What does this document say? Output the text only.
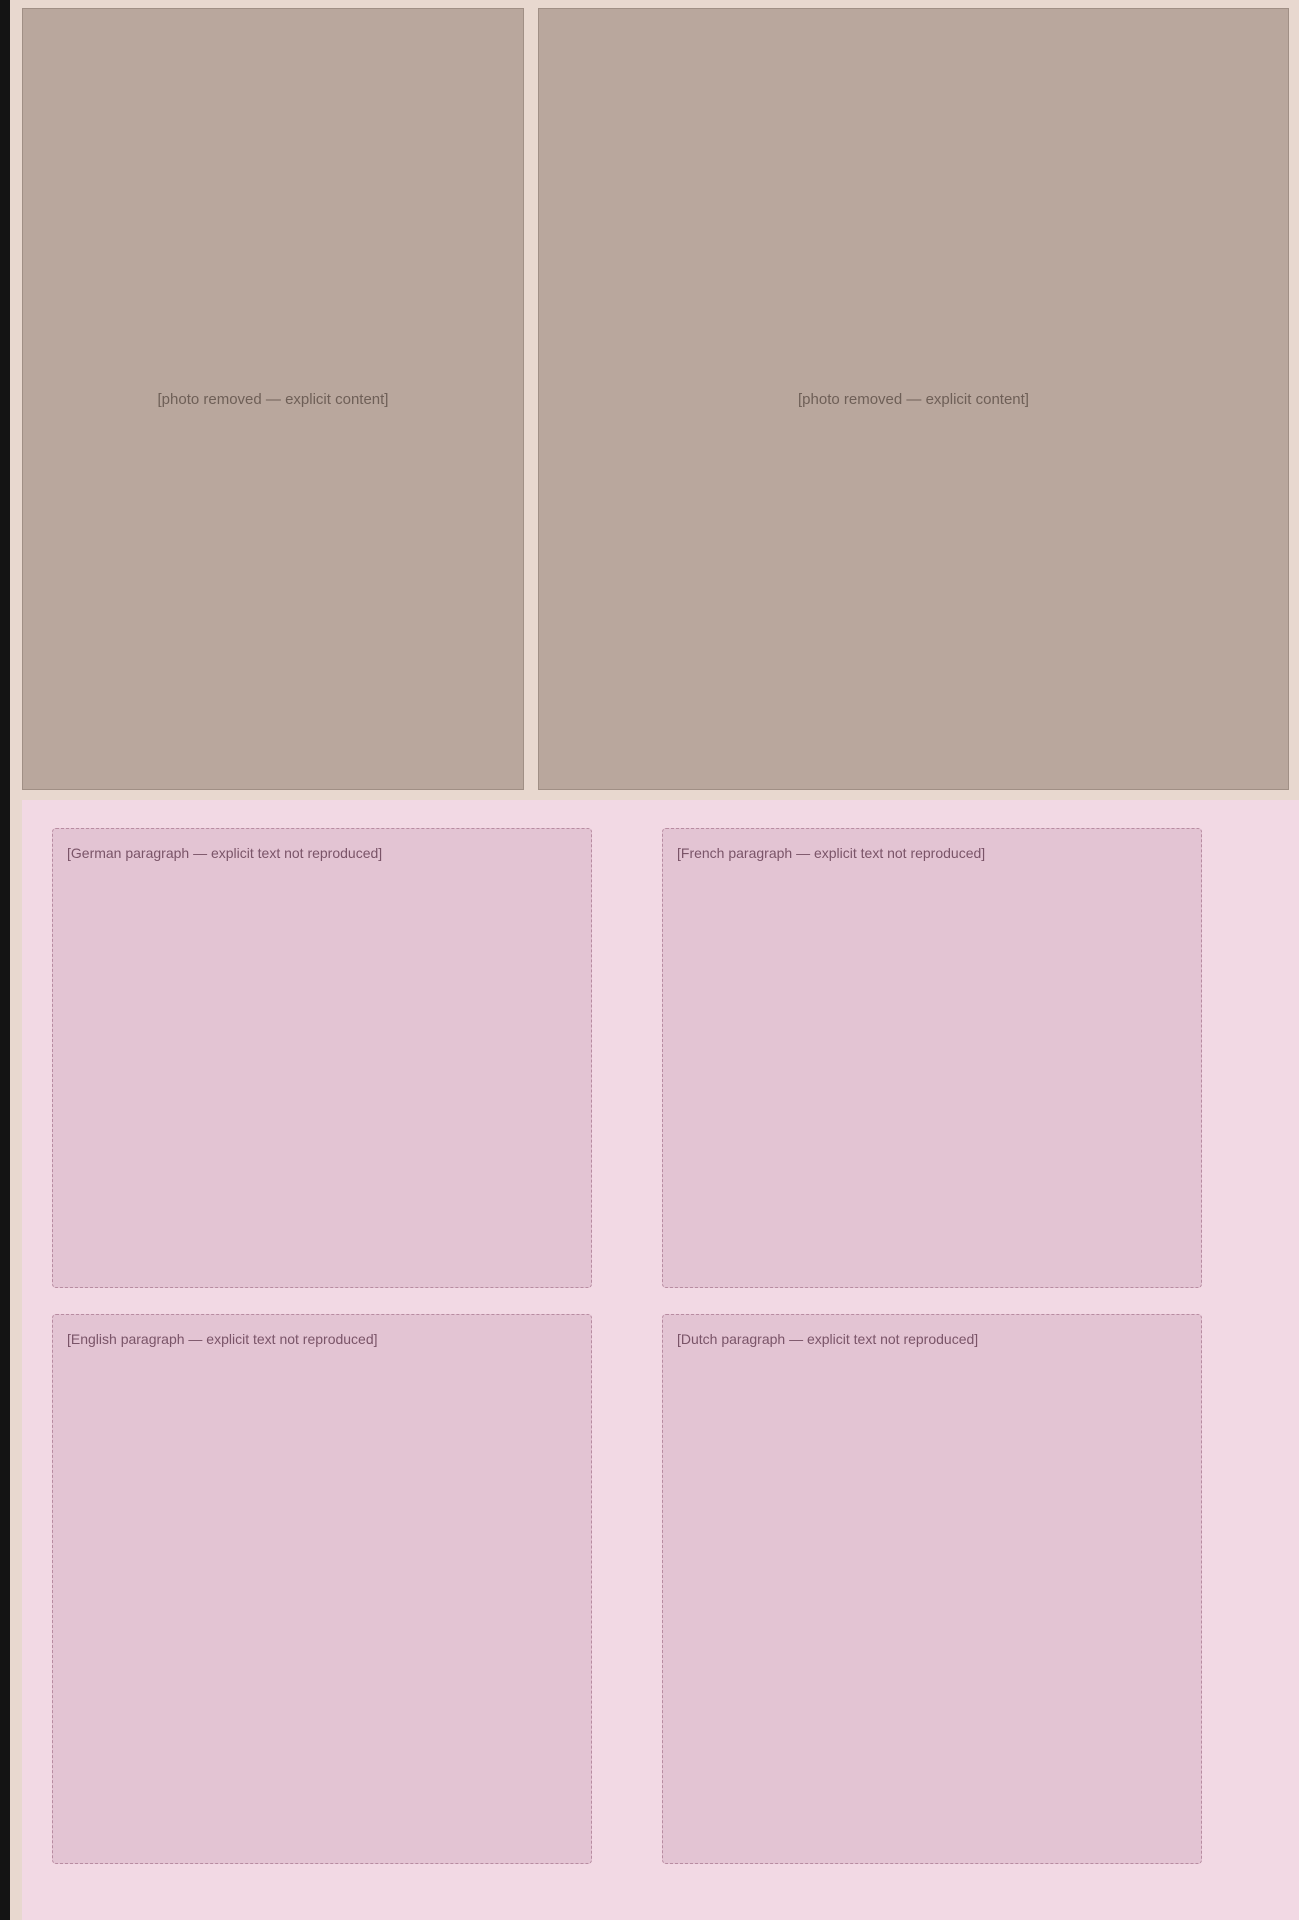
[photo removed — explicit content]	[photo removed — explicit content]
[German paragraph — explicit text not reproduced]
[English paragraph — explicit text not reproduced]
[French paragraph — explicit text not reproduced]
[Dutch paragraph — explicit text not reproduced]
